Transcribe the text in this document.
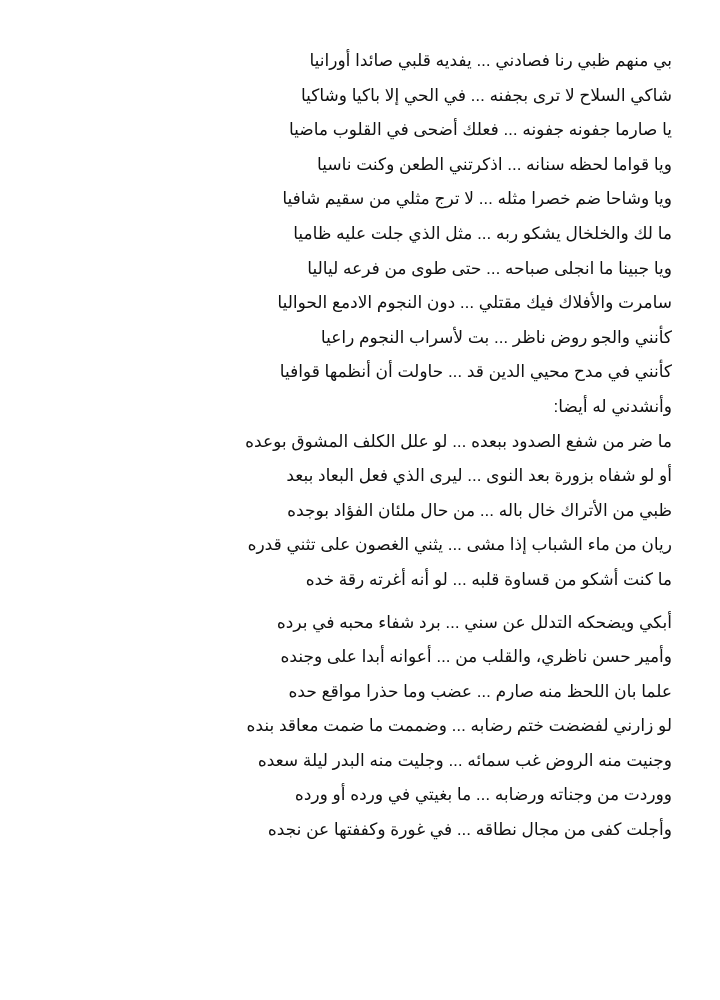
بي منهم ظبي رنا فصادني ... يفديه قلبي صائدا أورانيا
شاكي السلاح لا ترى بجفنه ... في الحي إلا باكيا وشاكيا
يا صارما جفونه جفونه ... فعلك أضحى في القلوب ماضيا
ويا قواما لحظه سنانه ... اذكرتني الطعن وكنت ناسيا
ويا وشاحا ضم خصرا مثله ... لا ترج مثلي من سقيم شافيا
ما لك والخلخال يشكو ربه ... مثل الذي جلت عليه ظاميا
ويا جبينا ما انجلى صباحه ... حتى طوى من فرعه لياليا
سامرت والأفلاك فيك مقتلي ... دون النجوم الادمع الحواليا
كأنني والجو روض ناظر ... بت لأسراب النجوم راعيا
كأنني في مدح محيي الدين قد ... حاولت أن أنظمها قوافيا
وأنشدني له أيضا:
ما ضر من شفع الصدود ببعده ... لو علل الكلف المشوق بوعده
أو لو شفاه بزورة بعد النوى ... ليرى الذي فعل البعاد ببعد
ظبي من الأتراك خال باله ... من حال ملئان الفؤاد بوجده
ريان من ماء الشباب إذا مشى ... يثني الغصون على تثني قدره
ما كنت أشكو من قساوة قلبه ... لو أنه أغرته رقة خده
أبكي ويضحكه التدلل عن سني ... برد شفاء محبه في برده
وأمير حسن ناظري، والقلب من ... أعوانه أبدا على وجنده
علما بان اللحظ منه صارم ... عضب وما حذرا مواقع حده
لو زارني لفضضت ختم رضابه ... وضممت ما ضمت معاقد بنده
وجنيت منه الروض غب سمائه ... وجليت منه البدر ليلة سعده
ووردت من وجناته ورضابه ... ما بغيتي في ورده أو ورده
وأجلت كفى من مجال نطاقه ... في غورة وكففتها عن نجده
